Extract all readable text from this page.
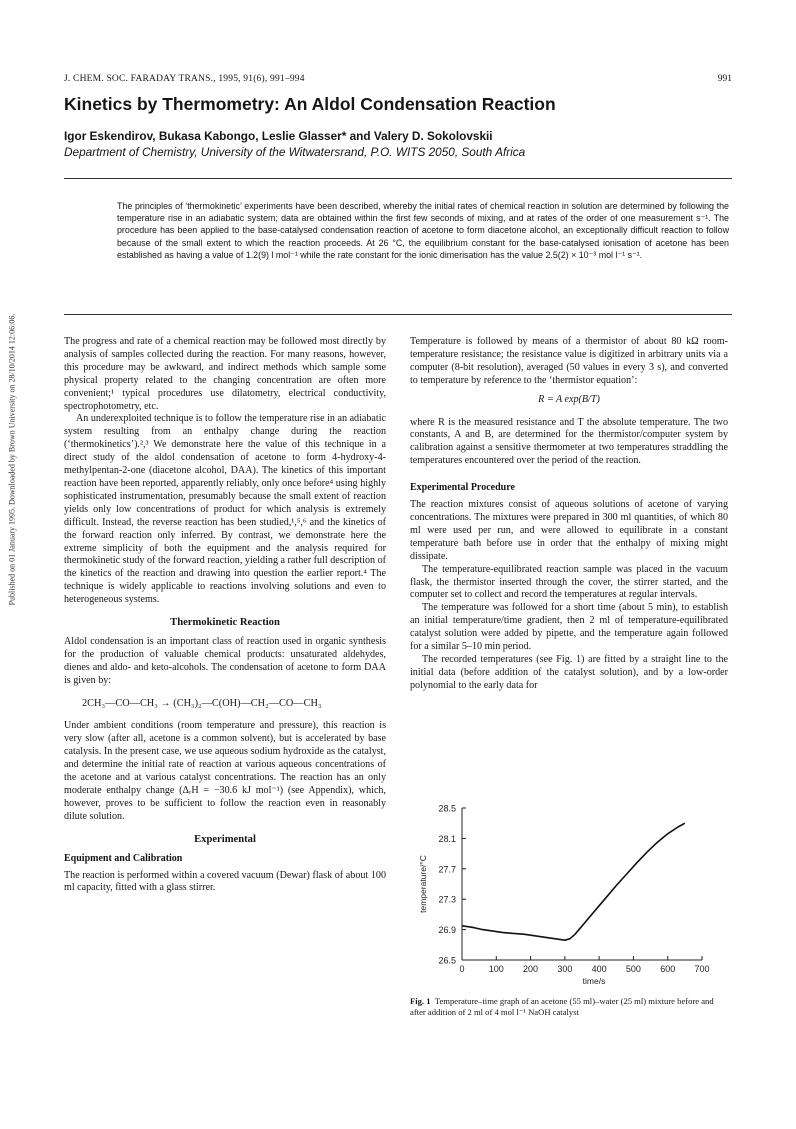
J. CHEM. SOC. FARADAY TRANS., 1995, 91(6), 991–994	991
Kinetics by Thermometry: An Aldol Condensation Reaction
Igor Eskendirov, Bukasa Kabongo, Leslie Glasser* and Valery D. Sokolovskii
Department of Chemistry, University of the Witwatersrand, P.O. WITS 2050, South Africa
The principles of ‘thermokinetic’ experiments have been described, whereby the initial rates of chemical reaction in solution are determined by following the temperature rise in an adiabatic system; data are obtained within the first few seconds of mixing, and at rates of the order of one measurement s⁻¹. The procedure has been applied to the base-catalysed condensation reaction of acetone to form diacetone alcohol, an exceptionally difficult reaction to follow because of the small extent to which the reaction proceeds. At 26 °C, the equilibrium constant for the base-catalysed ionisation of acetone has been established as having a value of 1.2(9) l mol⁻¹ while the rate constant for the ionic dimerisation has the value 2.5(2) × 10⁻³ mol l⁻¹ s⁻¹.
Published on 01 January 1995. Downloaded by Brown University on 28/10/2014 12:06:06.	The progress and rate of a chemical reaction may be followed most directly by analysis of samples collected during the reaction. For many reasons, however, this procedure may be awkward, and indirect methods which sample some physical property related to the changing concentration are often more convenient;¹ typical procedures use dilatometry, electrical conductivity, spectrophotometry, etc.

An underexploited technique is to follow the temperature rise in an adiabatic system resulting from an enthalpy change during the reaction (‘thermokinetics’).²,³ We demonstrate here the value of this technique in a direct study of the aldol condensation of acetone to form 4-hydroxy-4-methylpentan-2-one (diacetone alcohol, DAA). The kinetics of this important reaction have been reported, apparently reliably, only once before⁴ using highly sophisticated instrumentation, presumably because the small extent of reaction yields only low concentrations of product for which analysis is extremely difficult. Instead, the reverse reaction has been studied,¹,⁵,⁶ and the kinetics of the forward reaction only inferred. By contrast, we demonstrate here the extreme simplicity of both the equipment and the analysis required for thermokinetic study of the forward reaction, yielding a rather full description of the kinetics of the reaction and drawing into question the earlier report.⁴ The technique is widely applicable to reactions involving solutions and even to heterogeneous systems.

Thermokinetic Reaction

Aldol condensation is an important class of reaction used in organic synthesis for the production of valuable chemical products: unsaturated aldehydes, dienes and aldo- and keto-alcohols. The condensation of acetone to form DAA is given by:

2CH₃—CO—CH₃ → (CH₃)₂—C(OH)—CH₂—CO—CH₃

Under ambient conditions (room temperature and pressure), this reaction is very slow (after all, acetone is a common solvent), but is accelerated by base catalysis. In the present case, we use aqueous sodium hydroxide as the catalyst, and determine the initial rate of reaction at various aqueous concentrations of the acetone and at various catalyst concentrations. The reaction has an only moderate enthalpy change (ΔᵣH = −30.6 kJ mol⁻¹) (see Appendix), which, however, proves to be sufficient to follow the reaction even in reasonably dilute solution.

Experimental
Equipment and Calibration

The reaction is performed within a covered vacuum (Dewar) flask of about 100 ml capacity, fitted with a glass stirrer.

Temperature is followed by means of a thermistor of about 80 kΩ room-temperature resistance; the resistance value is digitized in arbitrary units via a computer (8-bit resolution), averaged (50 values in every 3 s), and converted to temperature by reference to the ‘thermistor equation’:

R = A exp(B/T)

where R is the measured resistance and T the absolute temperature. The two constants, A and B, are determined for the thermistor/computer system by calibration against a sensitive thermometer at two temperatures straddling the temperatures encountered over the period of the reaction.

Experimental Procedure

The reaction mixtures consist of aqueous solutions of acetone of varying concentrations. The mixtures were prepared in 300 ml quantities, of which 80 ml were used per run, and were allowed to equilibrate in a constant temperature bath before use in order that the enthalpy of mixing might dissipate.

The temperature-equilibrated reaction sample was placed in the vacuum flask, the thermistor inserted through the cover, the stirrer started, and the computer set to collect and record the temperatures at regular intervals.

The temperature was followed for a short time (about 5 min), to establish an initial temperature/time gradient, then 2 ml of temperature-equilibrated catalyst solution were added by pipette, and the temperature again followed for a similar 5–10 min period.

The recorded temperatures (see Fig. 1) are fitted by a straight line to the initial data (before addition of the catalyst solution), and by a low-order polynomial to the early data for

26.5
26.9
27.3
27.7
28.1
28.5
0	100 200 300 400 500 600 700
time/s
temperature/°C
Fig. 1 Temperature–time graph of an acetone (55 ml)–water (25 ml) mixture before and after addition of 2 ml of 4 mol l⁻¹ NaOH catalyst
